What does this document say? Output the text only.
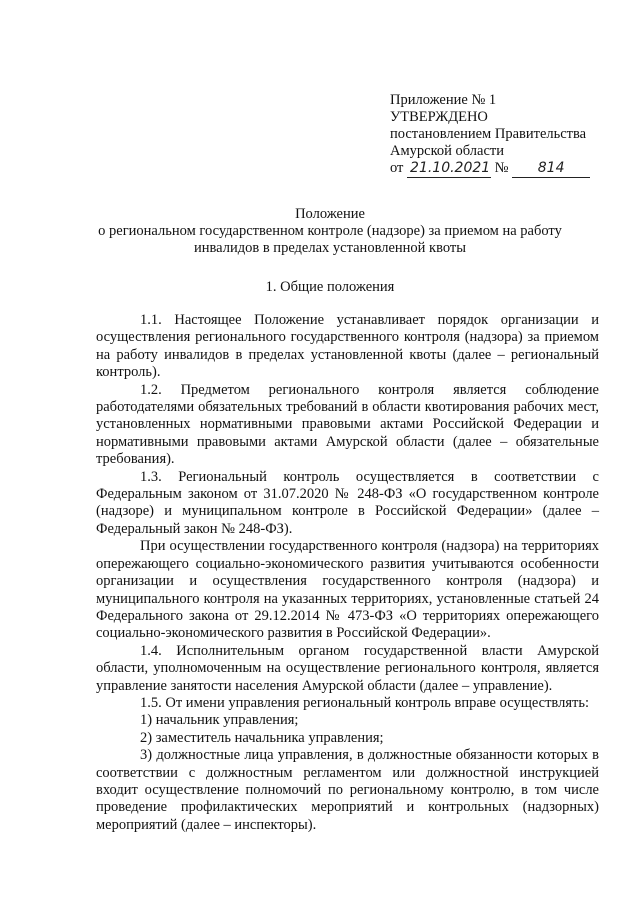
Приложение № 1
УТВЕРЖДЕНО
постановлением Правительства
Амурской области
от 21.10.2021 № 814
Положение
о региональном государственном контроле (надзоре) за приемом на работу
инвалидов в пределах установленной квоты
1. Общие положения

1.1. Настоящее Положение устанавливает порядок организации и осуществления регионального государственного контроля (надзора) за приемом на работу инвалидов в пределах установленной квоты (далее – региональный контроль).

1.2. Предметом регионального контроля является соблюдение работодателями обязательных требований в области квотирования рабочих мест, установленных нормативными правовыми актами Российской Федерации и нормативными правовыми актами Амурской области (далее – обязательные требования).

1.3. Региональный контроль осуществляется в соответствии с Федеральным законом от 31.07.2020 № 248-ФЗ «О государственном контроле (надзоре) и муниципальном контроле в Российской Федерации» (далее – Федеральный закон № 248-ФЗ).

При осуществлении государственного контроля (надзора) на территориях опережающего социально-экономического развития учитываются особенности организации и осуществления государственного контроля (надзора) и муниципального контроля на указанных территориях, установленные статьей 24 Федерального закона от 29.12.2014 № 473-ФЗ «О территориях опережающего социально-экономического развития в Российской Федерации».

1.4. Исполнительным органом государственной власти Амурской области, уполномоченным на осуществление регионального контроля, является управление занятости населения Амурской области (далее – управление).

1.5. От имени управления региональный контроль вправе осуществлять:

1) начальник управления;

2) заместитель начальника управления;

3) должностные лица управления, в должностные обязанности которых в соответствии с должностным регламентом или должностной инструкцией входит осуществление полномочий по региональному контролю, в том числе проведение профилактических мероприятий и контрольных (надзорных) мероприятий (далее – инспекторы).
